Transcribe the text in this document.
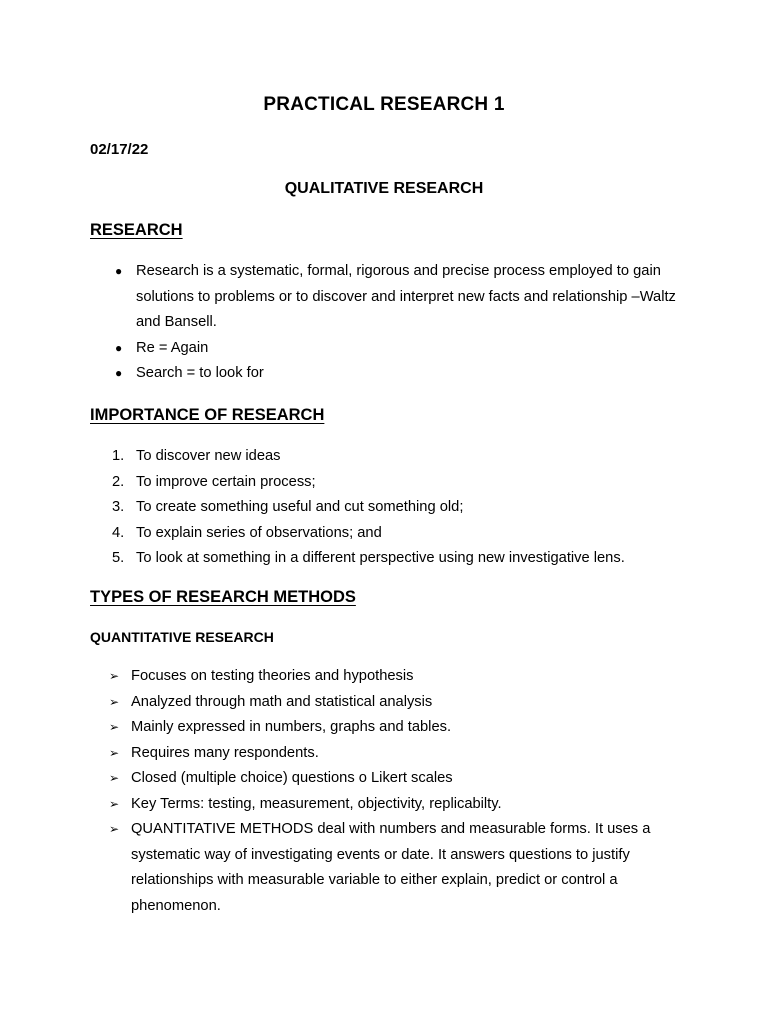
PRACTICAL RESEARCH 1
02/17/22
QUALITATIVE RESEARCH
RESEARCH
● Research is a systematic, formal, rigorous and precise process employed to gain solutions to problems or to discover and interpret new facts and relationship –Waltz and Bansell.
● Re = Again
● Search = to look for
IMPORTANCE OF RESEARCH
1. To discover new ideas
2. To improve certain process;
3. To create something useful and cut something old;
4. To explain series of observations; and
5. To look at something in a different perspective using new investigative lens.
TYPES OF RESEARCH METHODS
QUANTITATIVE RESEARCH
➢ Focuses on testing theories and hypothesis
➢ Analyzed through math and statistical analysis
➢ Mainly expressed in numbers, graphs and tables.
➢ Requires many respondents.
➢ Closed (multiple choice) questions o Likert scales
➢ Key Terms: testing, measurement, objectivity, replicabilty.
➢ QUANTITATIVE METHODS deal with numbers and measurable forms. It uses a systematic way of investigating events or date. It answers questions to justify relationships with measurable variable to either explain, predict or control a phenomenon.
